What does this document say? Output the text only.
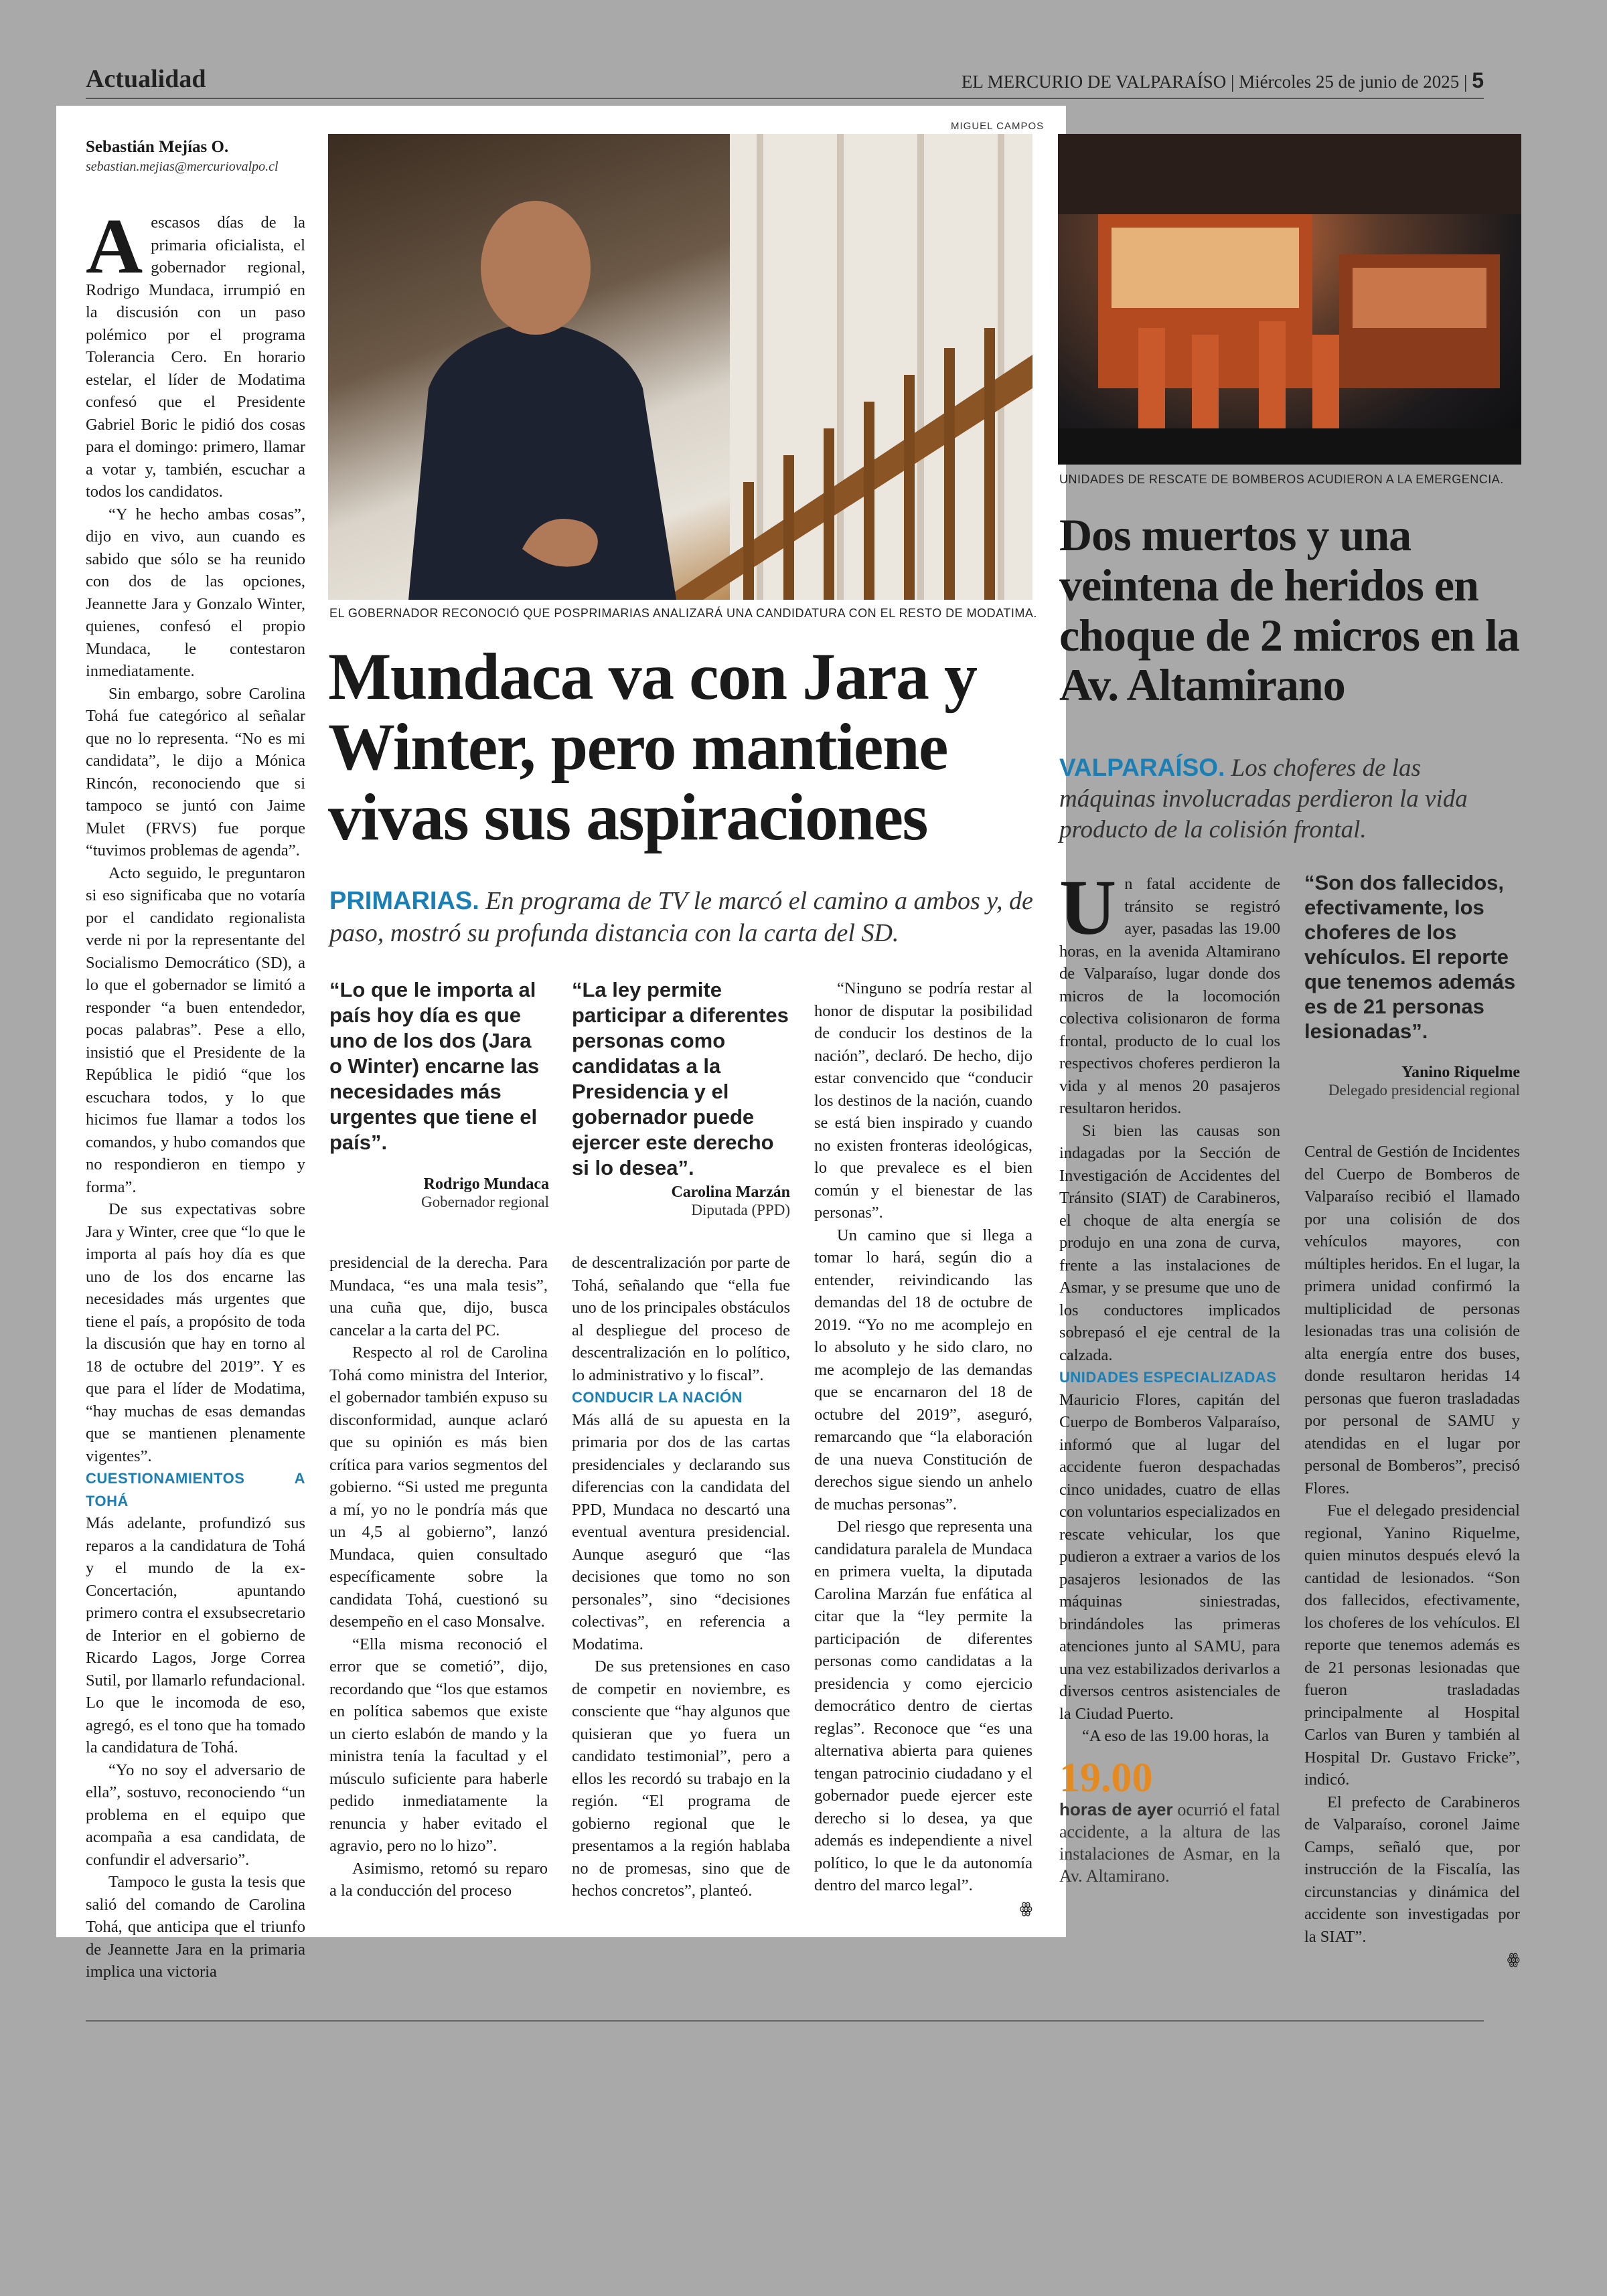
Actualidad	EL MERCURIO DE VALPARAÍSO | Miércoles 25 de junio de 2025 | 5
Sebastián Mejías O.
sebastian.mejias@mercuriovalpo.cl
A escasos días de la primaria oficialista, el gobernador regional, Rodrigo Mundaca, irrumpió en la discusión con un paso polémico por el programa Tolerancia Cero. En horario estelar, el líder de Modatima confesó que el Presidente Gabriel Boric le pidió dos cosas para el domingo: primero, llamar a votar y, también, escuchar a todos los candidatos.

“Y he hecho ambas cosas”, dijo en vivo, aun cuando es sabido que sólo se ha reunido con dos de las opciones, Jeannette Jara y Gonzalo Winter, quienes, confesó el propio Mundaca, le contestaron inmediatamente.

Sin embargo, sobre Carolina Tohá fue categórico al señalar que no lo representa. “No es mi candidata”, le dijo a Mónica Rincón, reconociendo que si tampoco se juntó con Jaime Mulet (FRVS) fue porque “tuvimos problemas de agenda”.

Acto seguido, le preguntaron si eso significaba que no votaría por el candidato regionalista verde ni por la representante del Socialismo Democrático (SD), a lo que el gobernador se limitó a responder “a buen entendedor, pocas palabras”. Pese a ello, insistió que el Presidente de la República le pidió “que los escuchara todos, y lo que hicimos fue llamar a todos los comandos, y hubo comandos que no respondieron en tiempo y forma”.

De sus expectativas sobre Jara y Winter, cree que “lo que le importa al país hoy día es que uno de los dos encarne las necesidades más urgentes que tiene el país, a propósito de toda la discusión que hay en torno al 18 de octubre del 2019”. Y es que para el líder de Modatima, “hay muchas de esas demandas que se mantienen plenamente vigentes”.

CUESTIONAMIENTOS A TOHÁ

Más adelante, profundizó sus reparos a la candidatura de Tohá y el mundo de la ex-Concertación, apuntando primero contra el exsubsecretario de Interior en el gobierno de Ricardo Lagos, Jorge Correa Sutil, por llamarlo refundacional. Lo que le incomoda de eso, agregó, es el tono que ha tomado la candidatura de Tohá.

“Yo no soy el adversario de ella”, sostuvo, reconociendo “un problema en el equipo que acompaña a esa candidata, de confundir el adversario”.

Tampoco le gusta la tesis que salió del comando de Carolina Tohá, que anticipa que el triunfo de Jeannette Jara en la primaria implica una victoria

MIGUEL CAMPOS
EL GOBERNADOR RECONOCIÓ QUE POSPRIMARIAS ANALIZARÁ UNA CANDIDATURA CON EL RESTO DE MODATIMA.
Mundaca va con Jara y Winter, pero mantiene vivas sus aspiraciones
PRIMARIAS. En programa de TV le marcó el camino a ambos y, de paso, mostró su profunda distancia con la carta del SD.
“Lo que le importa al país hoy día es que uno de los dos (Jara o Winter) encarne las necesidades más urgentes que tiene el país”.
Rodrigo Mundaca
Gobernador regional
“La ley permite participar a diferentes personas como candidatas a la Presidencia y el gobernador puede ejercer este derecho si lo desea”.
Carolina Marzán
Diputada (PPD)

presidencial de la derecha. Para Mundaca, “es una mala tesis”, una cuña que, dijo, busca cancelar a la carta del PC.

Respecto al rol de Carolina Tohá como ministra del Interior, el gobernador también expuso su disconformidad, aunque aclaró que su opinión es más bien crítica para varios segmentos del gobierno. “Si usted me pregunta a mí, yo no le pondría más que un 4,5 al gobierno”, lanzó Mundaca, quien consultado específicamente sobre la candidata Tohá, cuestionó su desempeño en el caso Monsalve.

“Ella misma reconoció el error que se cometió”, dijo, recordando que “los que estamos en política sabemos que existe un cierto eslabón de mando y la ministra tenía la facultad y el músculo suficiente para haberle pedido inmediatamente la renuncia y haber evitado el agravio, pero no lo hizo”.

Asimismo, retomó su reparo a la conducción del proceso

de descentralización por parte de Tohá, señalando que “ella fue uno de los principales obstáculos al despliegue del proceso de descentralización en lo político, lo administrativo y lo fiscal”.

CONDUCIR LA NACIÓN

Más allá de su apuesta en la primaria por dos de las cartas presidenciales y declarando sus diferencias con la candidata del PPD, Mundaca no descartó una eventual aventura presidencial. Aunque aseguró que “las decisiones que tomo no son personales”, sino “decisiones colectivas”, en referencia a Modatima.

De sus pretensiones en caso de competir en noviembre, es consciente que “hay algunos que quisieran que yo fuera un candidato testimonial”, pero a ellos les recordó su trabajo en la región. “El programa de gobierno regional que le presentamos a la región hablaba no de promesas, sino que de hechos concretos”, planteó.

“Ninguno se podría restar al honor de disputar la posibilidad de conducir los destinos de la nación”, declaró. De hecho, dijo estar convencido que “conducir los destinos de la nación, cuando se está bien inspirado y cuando no existen fronteras ideológicas, lo que prevalece es el bien común y el bienestar de las personas”.

Un camino que si llega a tomar lo hará, según dio a entender, reivindicando las demandas del 18 de octubre de 2019. “Yo no me acomplejo en lo absoluto y he sido claro, no me acomplejo de las demandas que se encarnaron del 18 de octubre del 2019”, aseguró, remarcando que “la elaboración de una nueva Constitución de derechos sigue siendo un anhelo de muchas personas”.

Del riesgo que representa una candidatura paralela de Mundaca en primera vuelta, la diputada Carolina Marzán fue enfática al citar que la “ley permite la participación de diferentes personas como candidatas a la presidencia y como ejercicio democrático dentro de ciertas reglas”. Reconoce que “es una alternativa abierta para quienes tengan patrocinio ciudadano y el gobernador puede ejercer este derecho si lo desea, ya que además es independiente a nivel político, lo que le da autonomía dentro del marco legal”.

ꙮ
UNIDADES DE RESCATE DE BOMBEROS ACUDIERON A LA EMERGENCIA.
Dos muertos y una veintena de heridos en choque de 2 micros en la Av. Altamirano
VALPARAÍSO. Los choferes de las máquinas involucradas perdieron la vida producto de la colisión frontal.
U n fatal accidente de tránsito se registró ayer, pasadas las 19.00 horas, en la avenida Altamirano de Valparaíso, lugar donde dos micros de la locomoción colectiva colisionaron de forma frontal, producto de lo cual los respectivos choferes perdieron la vida y al menos 20 pasajeros resultaron heridos.

Si bien las causas son indagadas por la Sección de Investigación de Accidentes del Tránsito (SIAT) de Carabineros, el choque de alta energía se produjo en una zona de curva, frente a las instalaciones de Asmar, y se presume que uno de los conductores implicados sobrepasó el eje central de la calzada.

UNIDADES ESPECIALIZADAS

Mauricio Flores, capitán del Cuerpo de Bomberos Valparaíso, informó que al lugar del accidente fueron despachadas cinco unidades, cuatro de ellas con voluntarios especializados en rescate vehicular, los que pudieron a extraer a varios de los pasajeros lesionados de las máquinas siniestradas, brindándoles las primeras atenciones junto al SAMU, para una vez estabilizados derivarlos a diversos centros asistenciales de la Ciudad Puerto.

“A eso de las 19.00 horas, la

19.00
horas de ayer ocurrió el fatal accidente, a la altura de las instalaciones de Asmar, en la Av. Altamirano.
“Son dos fallecidos, efectivamente, los choferes de los vehículos. El reporte que tenemos además es de 21 personas lesionadas”.
Yanino Riquelme
Delegado presidencial regional

Central de Gestión de Incidentes del Cuerpo de Bomberos de Valparaíso recibió el llamado por una colisión de dos vehículos mayores, con múltiples heridos. En el lugar, la primera unidad confirmó la multiplicidad de personas lesionadas tras una colisión de alta energía entre dos buses, donde resultaron heridas 14 personas que fueron trasladadas por personal de SAMU y atendidas en el lugar por personal de Bomberos”, precisó Flores.

Fue el delegado presidencial regional, Yanino Riquelme, quien minutos después elevó la cantidad de lesionados. “Son dos fallecidos, efectivamente, los choferes de los vehículos. El reporte que tenemos además es de 21 personas lesionadas que fueron trasladadas principalmente al Hospital Carlos van Buren y también al Hospital Dr. Gustavo Fricke”, indicó.

El prefecto de Carabineros de Valparaíso, coronel Jaime Camps, señaló que, por instrucción de la Fiscalía, las circunstancias y dinámica del accidente son investigadas por la SIAT”.

ꙮ
